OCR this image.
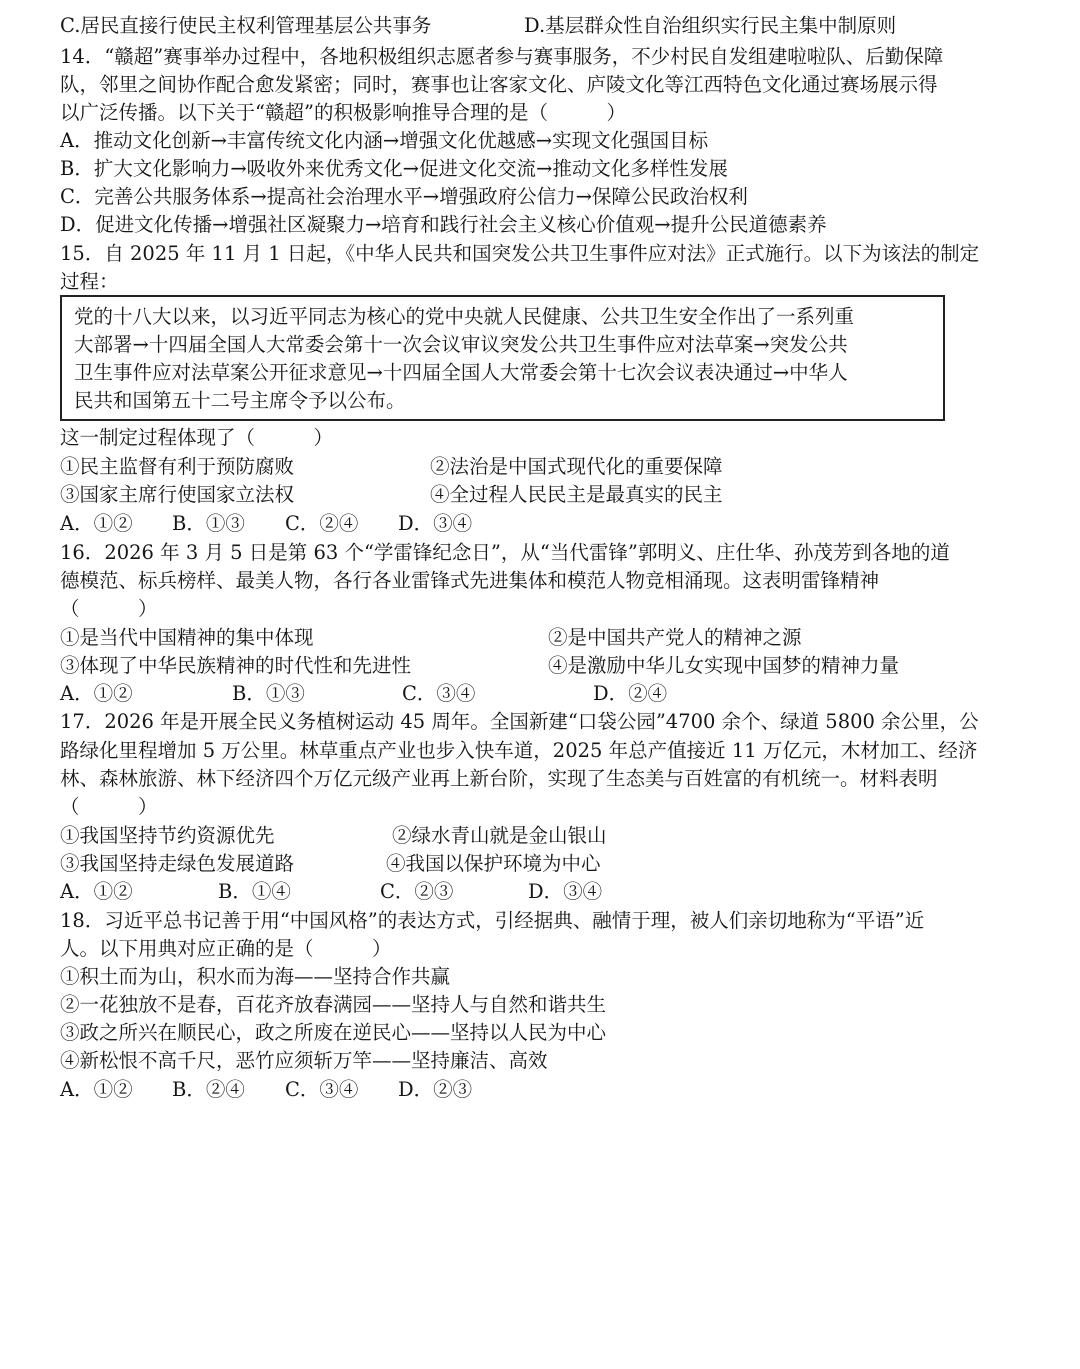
C.居民直接行使民主权利管理基层公共事务	D.基层群众性自治组织实行民主集中制原则
14．“赣超”赛事举办过程中，各地积极组织志愿者参与赛事服务，不少村民自发组建啦啦队、后勤保障
队，邻里之间协作配合愈发紧密；同时，赛事也让客家文化、庐陵文化等江西特色文化通过赛场展示得
以广泛传播。以下关于“赣超”的积极影响推导合理的是（　　　）
A．推动文化创新→丰富传统文化内涵→增强文化优越感→实现文化强国目标
B．扩大文化影响力→吸收外来优秀文化→促进文化交流→推动文化多样性发展
C．完善公共服务体系→提高社会治理水平→增强政府公信力→保障公民政治权利
D．促进文化传播→增强社区凝聚力→培育和践行社会主义核心价值观→提升公民道德素养
15．自 2025 年 11 月 1 日起，《中华人民共和国突发公共卫生事件应对法》正式施行。以下为该法的制定
过程：
党的十八大以来，以习近平同志为核心的党中央就人民健康、公共卫生安全作出了一系列重
大部署→十四届全国人大常委会第十一次会议审议突发公共卫生事件应对法草案→突发公共
卫生事件应对法草案公开征求意见→十四届全国人大常委会第十七次会议表决通过→中华人
民共和国第五十二号主席令予以公布。
这一制定过程体现了（　　　）
①民主监督有利于预防腐败	②法治是中国式现代化的重要保障
③国家主席行使国家立法权	④全过程人民民主是最真实的民主
A．①② B．①③ C．②④ D．③④
16．2026 年 3 月 5 日是第 63 个“学雷锋纪念日”，从“当代雷锋”郭明义、庄仕华、孙茂芳到各地的道
德模范、标兵榜样、最美人物，各行各业雷锋式先进集体和模范人物竞相涌现。这表明雷锋精神
（　　　）
①是当代中国精神的集中体现	②是中国共产党人的精神之源
③体现了中华民族精神的时代性和先进性	④是激励中华儿女实现中国梦的精神力量
A．①②	B．①③	C．③④	D．②④
17．2026 年是开展全民义务植树运动 45 周年。全国新建“口袋公园”4700 余个、绿道 5800 余公里，公
路绿化里程增加 5 万公里。林草重点产业也步入快车道，2025 年总产值接近 11 万亿元，木材加工、经济
林、森林旅游、林下经济四个万亿元级产业再上新台阶，实现了生态美与百姓富的有机统一。材料表明
（　　　）
①我国坚持节约资源优先	②绿水青山就是金山银山
③我国坚持走绿色发展道路	④我国以保护环境为中心
A．①②	B．①④	C．②③	D．③④
18．习近平总书记善于用“中国风格”的表达方式，引经据典、融情于理，被人们亲切地称为“平语”近
人。以下用典对应正确的是（　　　）
①积土而为山，积水而为海——坚持合作共赢
②一花独放不是春，百花齐放春满园——坚持人与自然和谐共生
③政之所兴在顺民心，政之所废在逆民心——坚持以人民为中心
④新松恨不高千尺，恶竹应须斩万竿——坚持廉洁、高效
A．①② B．②④ C．③④ D．②③
